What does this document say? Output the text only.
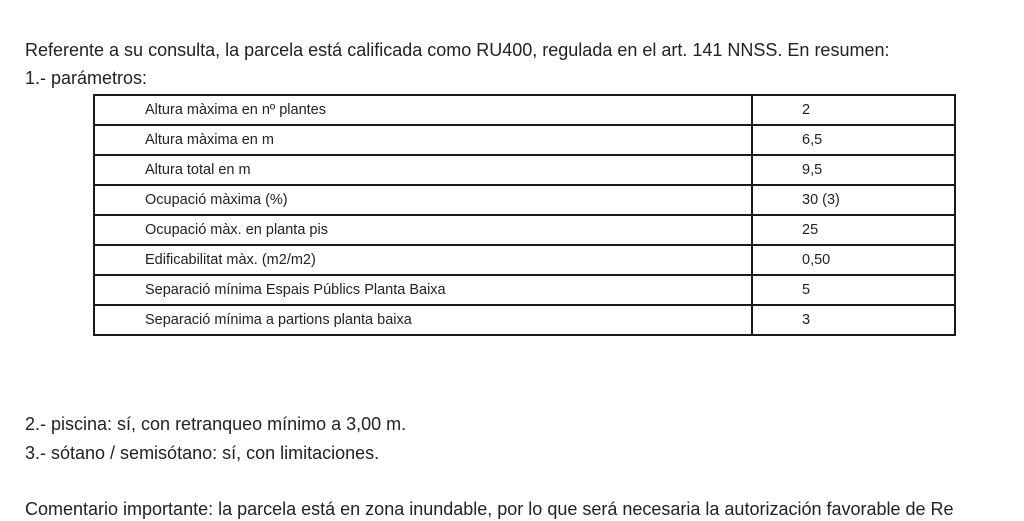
Referente a su consulta, la parcela está calificada como RU400, regulada en el art. 141 NNSS. En resumen:
1.- parámetros:
Altura màxima en nº plantes	2
Altura màxima en m	6,5
Altura total en m	9,5
Ocupació màxima (%)	30 (3)
Ocupació màx. en planta pis	25
Edificabilitat màx. (m2/m2)	0,50
Separació mínima Espais Públics Planta Baixa	5
Separació mínima a partions planta baixa	3
2.- piscina: sí, con retranqueo mínimo a 3,00 m.
3.- sótano / semisótano: sí, con limitaciones.
Comentario importante: la parcela está en zona inundable, por lo que será necesaria la autorización favorable de Re
